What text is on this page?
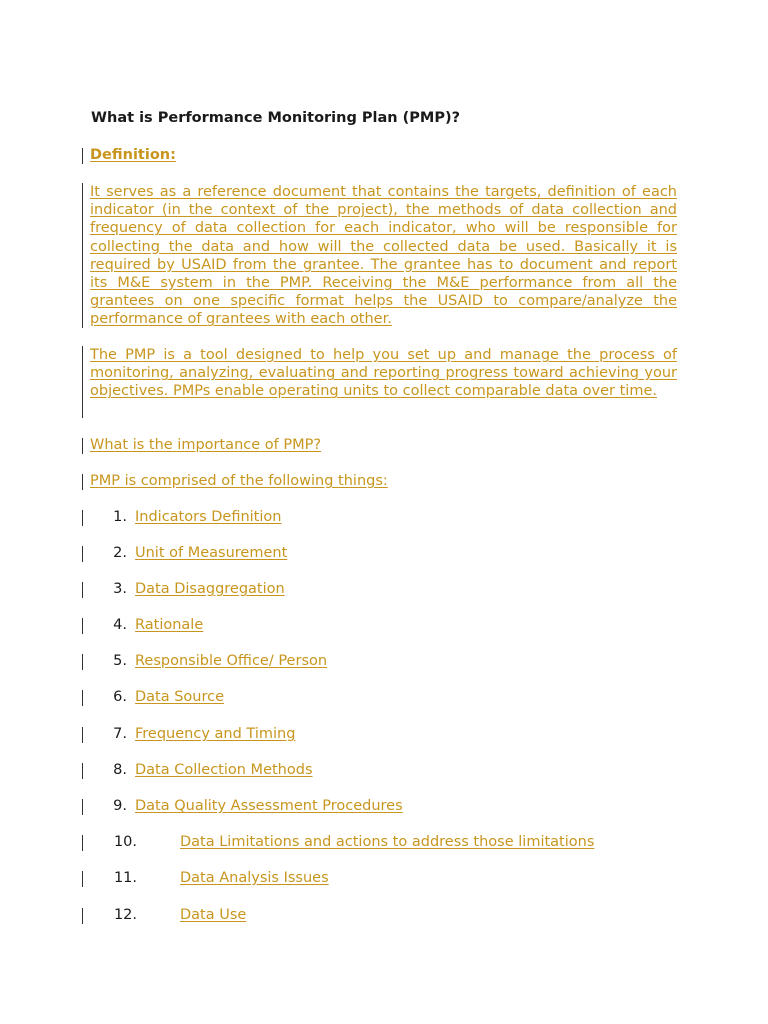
What is Performance Monitoring Plan (PMP)?
Definition:
It serves as a reference document that contains the targets, definition of each indicator (in the context of the project), the methods of data collection and frequency of data collection for each indicator, who will be responsible for collecting the data and how will the collected data be used. Basically it is required by USAID from the grantee. The grantee has to document and report its M&E system in the PMP. Receiving the M&E performance from all the grantees on one specific format helps the USAID to compare/analyze the performance of grantees with each other.
The PMP is a tool designed to help you set up and manage the process of monitoring, analyzing, evaluating and reporting progress toward achieving your objectives. PMPs enable operating units to collect comparable data over time.
What is the importance of PMP?
PMP is comprised of the following things:
1. Indicators Definition
2. Unit of Measurement
3. Data Disaggregation
4. Rationale
5. Responsible Office/ Person
6. Data Source
7. Frequency and Timing
8. Data Collection Methods
9. Data Quality Assessment Procedures
10.	Data Limitations and actions to address those limitations
11.	Data Analysis Issues
12.	Data Use
